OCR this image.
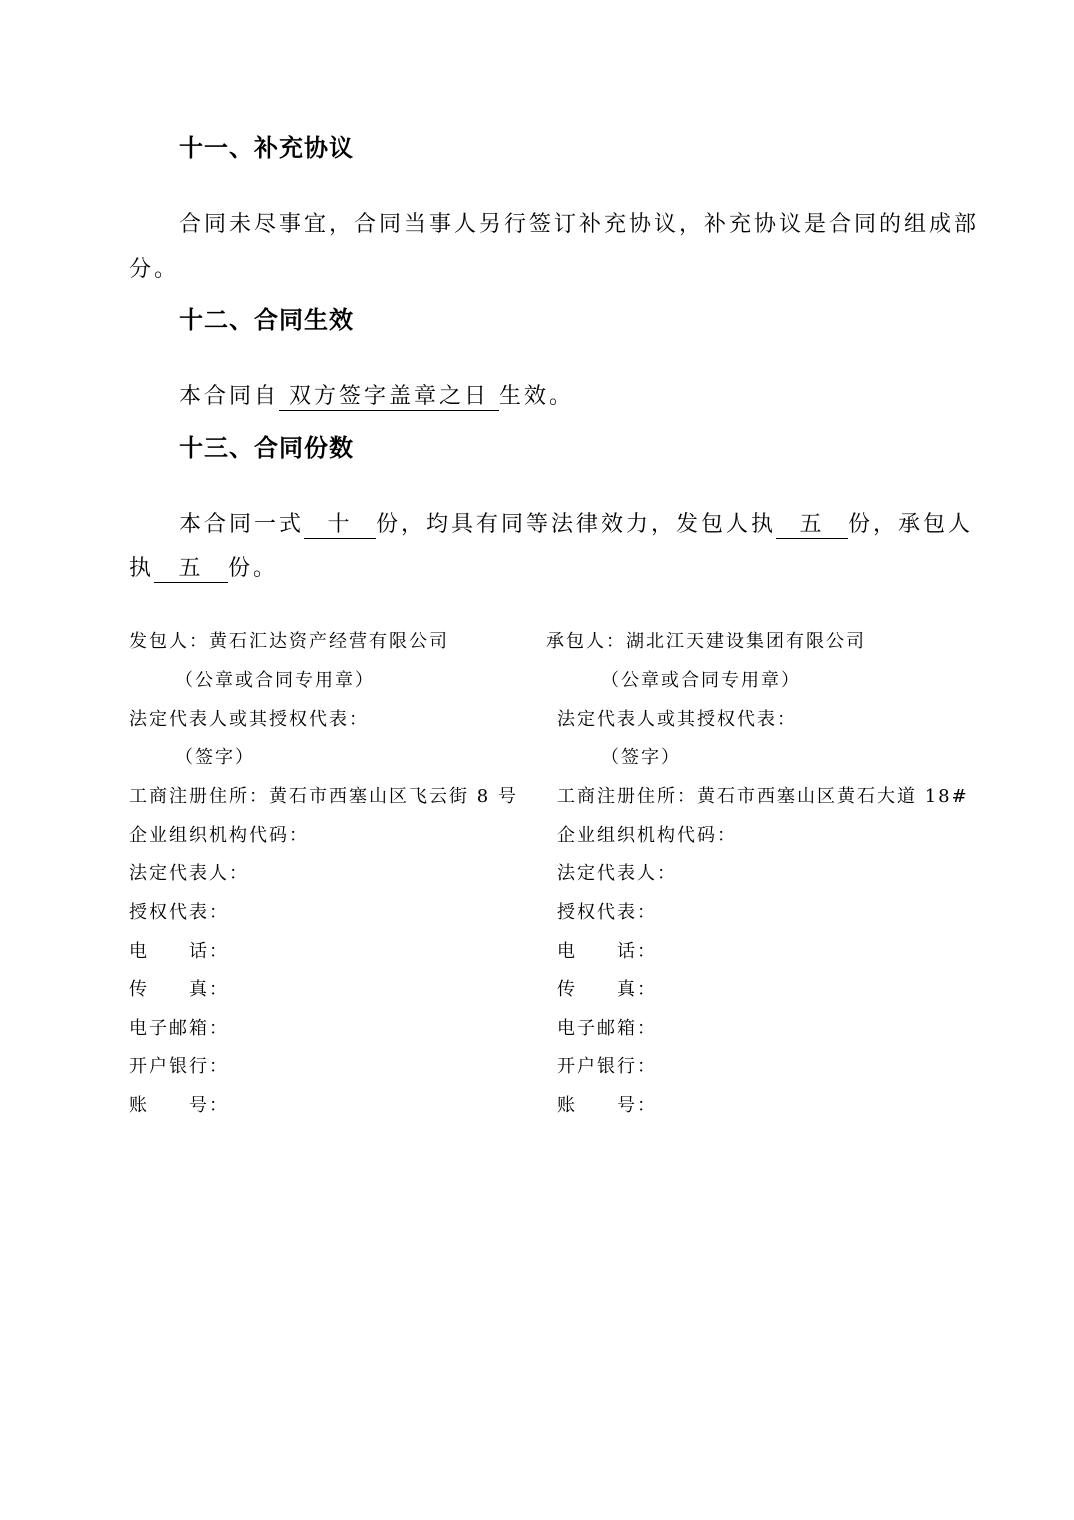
十一、补充协议
合同未尽事宜，合同当事人另行签订补充协议，补充协议是合同的组成部
分。
十二、合同生效
本合同自 双方签字盖章之日 生效。
十三、合同份数
本合同一式 十 份，均具有同等法律效力，发包人执 五 份，承包人
执 五 份。
发包人：黄石汇达资产经营有限公司
（公章或合同专用章）
法定代表人或其授权代表：
（签字）
工商注册住所：黄石市西塞山区飞云街 8 号
企业组织机构代码：
法定代表人：
授权代表：
电　　话：
传　　真：
电子邮箱：
开户银行：
账　　号：
承包人：湖北江天建设集团有限公司
（公章或合同专用章）
法定代表人或其授权代表：
（签字）
工商注册住所：黄石市西塞山区黄石大道 18#
企业组织机构代码：
法定代表人：
授权代表：
电　　话：
传　　真：
电子邮箱：
开户银行：
账　　号：
